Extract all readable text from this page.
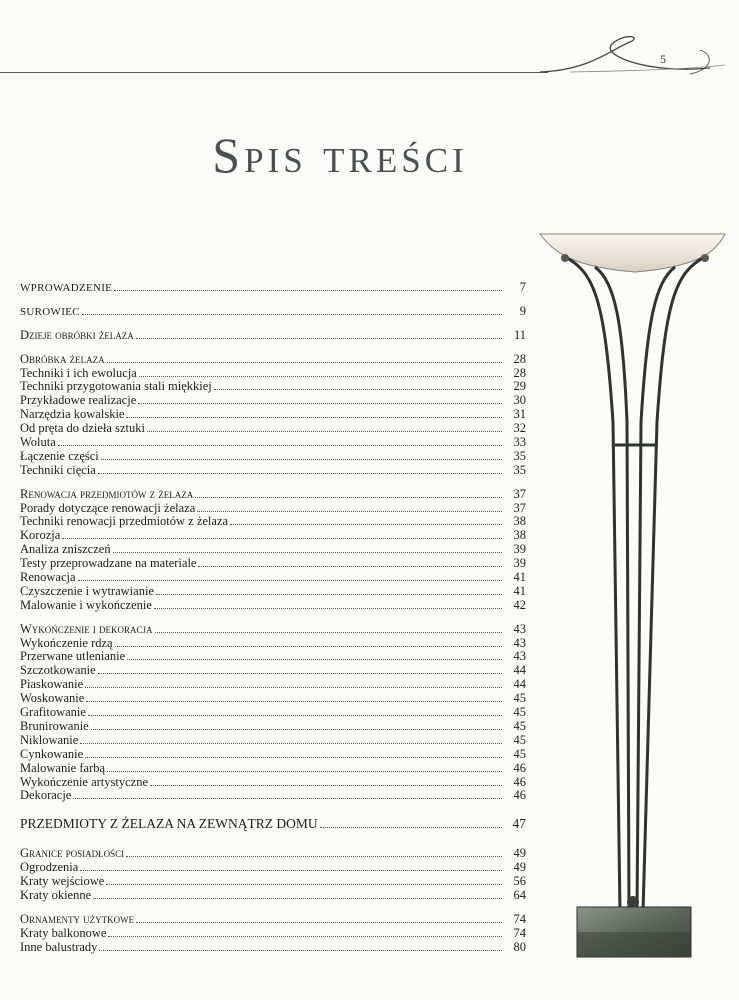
5
Spis treści
WPROWADZENIE	7
SUROWIEC	9
Dzieje obróbki żelaza	11
Obróbka żelaza	28
Techniki i ich ewolucja	28
Techniki przygotowania stali miękkiej	29
Przykładowe realizacje	30
Narzędzia kowalskie	31
Od pręta do dzieła sztuki	32
Woluta	33
Łączenie części	35
Techniki cięcia	35
Renowacja przedmiotów z żelaza	37
Porady dotyczące renowacji żelaza	37
Techniki renowacji przedmiotów z żelaza	38
Korozja	38
Analiza zniszczeń	39
Testy przeprowadzane na materiale	39
Renowacja	41
Czyszczenie i wytrawianie	41
Malowanie i wykończenie	42
Wykończenie i dekoracja	43
Wykończenie rdzą	43
Przerwane utlenianie	43
Szczotkowanie	44
Piaskowanie	44
Woskowanie	45
Grafitowanie	45
Brunirowanie	45
Niklowanie	45
Cynkowanie	45
Malowanie farbą	46
Wykończenie artystyczne	46
Dekoracje	46
PRZEDMIOTY Z ŻELAZA NA ZEWNĄTRZ DOMU	47
Granice posiadłości	49
Ogrodzenia	49
Kraty wejściowe	56
Kraty okienne	64
Ornamenty użytkowe	74
Kraty balkonowe	74
Inne balustrady	80
